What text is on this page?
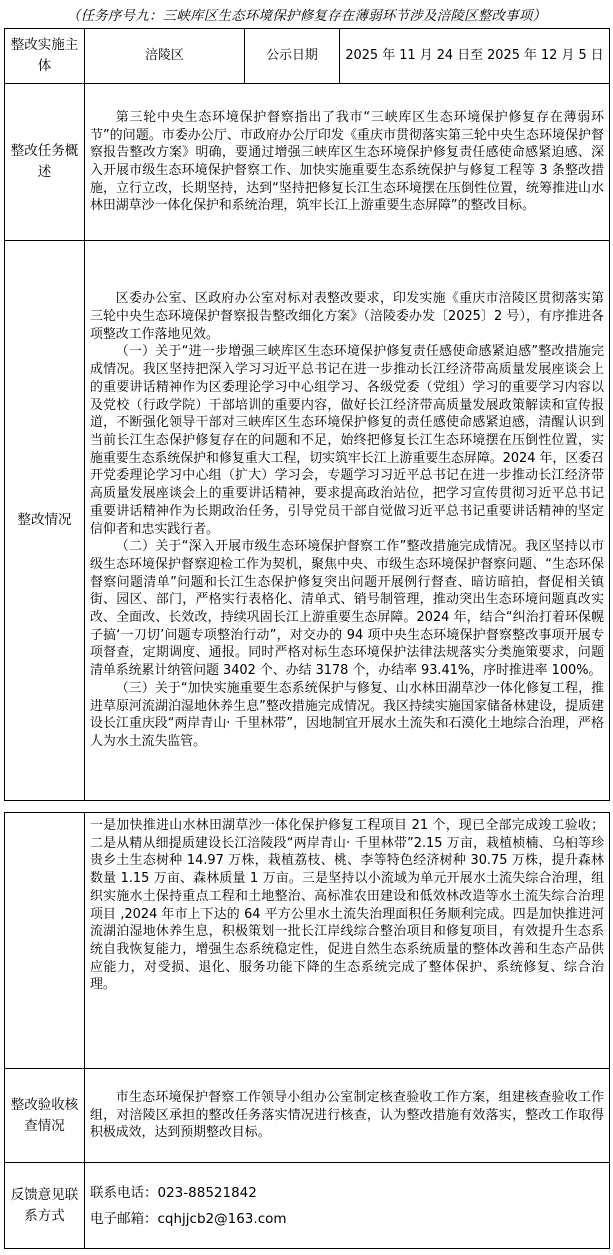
（任务序号九：三峡库区生态环境保护修复存在薄弱环节涉及涪陵区整改事项）
整改实施主体	涪陵区	公示日期	2025 年 11 月 24 日至 2025 年 12 月 5 日
整改任务概述	第三轮中央生态环境保护督察指出了我市“三峡库区生态环境保护修复存在薄弱环节”的问题。市委办公厅、市政府办公厅印发《重庆市贯彻落实第三轮中央生态环境保护督察报告整改方案》明确，要通过增强三峡库区生态环境保护修复责任感使命感紧迫感、深入开展市级生态环境保护督察工作、加快实施重要生态系统保护与修复工程等 3 条整改措施，立行立改，长期坚持，达到“坚持把修复长江生态环境摆在压倒性位置，统筹推进山水林田湖草沙一体化保护和系统治理，筑牢长江上游重要生态屏障”的整改目标。		

整改情况	区委办公室、区政府办公室对标对表整改要求，印发实施《重庆市涪陵区贯彻落实第三轮中央生态环境保护督察报告整改细化方案》（涪陵委办发〔2025〕2 号），有序推进各项整改工作落地见效。

（一）关于“进一步增强三峡库区生态环境保护修复责任感使命感紧迫感”整改措施完成情况。我区坚持把深入学习习近平总书记在进一步推动长江经济带高质量发展座谈会上的重要讲话精神作为区委理论学习中心组学习、各级党委（党组）学习的重要学习内容以及党校（行政学院）干部培训的重要内容，做好长江经济带高质量发展政策解读和宣传报道，不断强化领导干部对三峡库区生态环境保护修复的责任感使命感紧迫感，清醒认识到当前长江生态保护修复存在的问题和不足，始终把修复长江生态环境摆在压倒性位置，实施重要生态系统保护和修复重大工程，切实筑牢长江上游重要生态屏障。2024 年，区委召开党委理论学习中心组（扩大）学习会，专题学习习近平总书记在进一步推动长江经济带高质量发展座谈会上的重要讲话精神，要求提高政治站位，把学习宣传贯彻习近平总书记重要讲话精神作为长期政治任务，引导党员干部自觉做习近平总书记重要讲话精神的坚定信仰者和忠实践行者。

（二）关于“深入开展市级生态环境保护督察工作”整改措施完成情况。我区坚持以市级生态环境保护督察迎检工作为契机，聚焦中央、市级生态环境保护督察问题、“生态环保督察问题清单”问题和长江生态保护修复突出问题开展例行督查、暗访暗拍，督促相关镇街、园区、部门，严格实行表格化、清单式、销号制管理，推动突出生态环境问题真改实改、全面改、长效改，持续巩固长江上游重要生态屏障。2024 年，结合“纠治打着环保幌子搞‘一刀切’问题专项整治行动”，对交办的 94 项中央生态环境保护督察整改事项开展专项督查，定期调度、通报。同时严格对标生态环境保护法律法规落实分类施策要求，问题清单系统累计纳管问题 3402 个、办结 3178 个，办结率 93.41%，序时推进率 100%。

（三）关于“加快实施重要生态系统保护与修复、山水林田湖草沙一体化修复工程，推进草原河流湖泊湿地休养生息”整改措施完成情况。我区持续实施国家储备林建设，提质建设长江重庆段“两岸青山· 千里林带”，因地制宜开展水土流失和石漠化土地综合治理，严格人为水土流失监管。		

	一是加快推进山水林田湖草沙一体化保护修复工程项目 21 个，现已全部完成竣工验收；二是从精从细提质建设长江涪陵段“两岸青山· 千里林带”2.15 万亩，栽植桢楠、乌桕等珍贵乡土生态树种 14.97 万株，栽植荔枝、桃、李等特色经济树种 30.75 万株，提升森林数量 1.15 万亩、森林质量 1 万亩。三是坚持以小流域为单元开展水土流失综合治理，组织实施水土保持重点工程和土地整治、高标准农田建设和低效林改造等水土流失综合治理项目 ,2024 年市上下达的 64 平方公里水土流失治理面积任务顺利完成。四是加快推进河流湖泊湿地休养生息，积极策划一批长江岸线综合整治项目和修复项目，有效提升生态系统自我恢复能力，增强生态系统稳定性，促进自然生态系统质量的整体改善和生态产品供应能力，对受损、退化、服务功能下降的生态系统完成了整体保护、系统修复、综合治理。

整改验收核查情况	市生态环境保护督察工作领导小组办公室制定核查验收工作方案，组建核查验收工作组，对涪陵区承担的整改任务落实情况进行核查，认为整改措施有效落实，整改工作取得积极成效，达到预期整改目标。

反馈意见联系方式	联系电话：023-88521842
电子邮箱：cqhjjcb2@163.com
